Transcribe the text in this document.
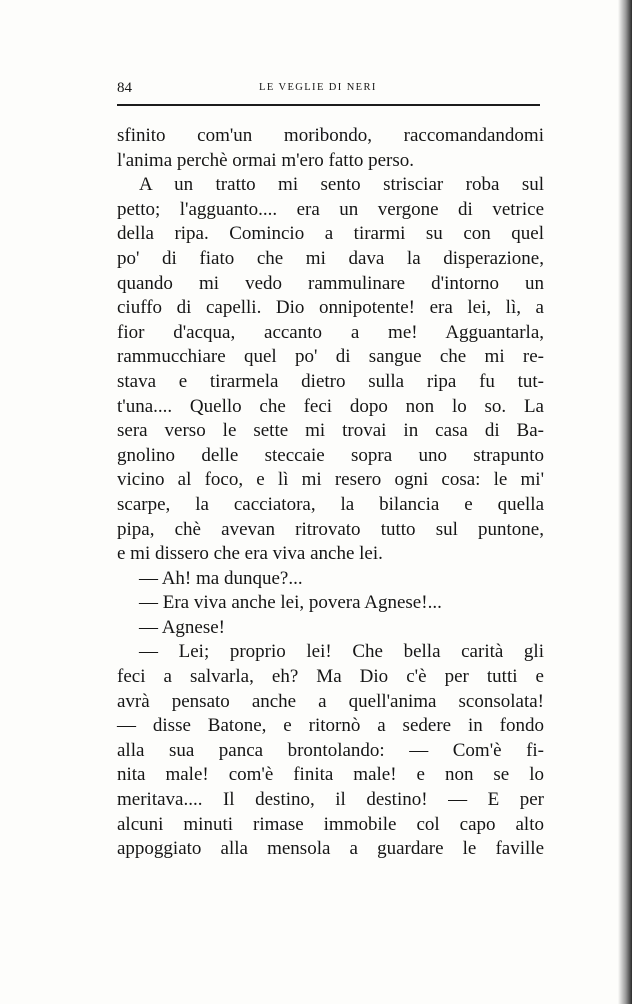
84	LE VEGLIE DI NERI
sfinito com'un moribondo, raccomandandomi
l'anima perchè ormai m'ero fatto perso.
A un tratto mi sento strisciar roba sul
petto; l'agguanto.... era un vergone di vetrice
della ripa. Comincio a tirarmi su con quel
po' di fiato che mi dava la disperazione,
quando mi vedo rammulinare d'intorno un
ciuffo di capelli. Dio onnipotente! era lei, lì, a
fior d'acqua, accanto a me! Agguantarla,
rammucchiare quel po' di sangue che mi re-
stava e tirarmela dietro sulla ripa fu tut-
t'una.... Quello che feci dopo non lo so. La
sera verso le sette mi trovai in casa di Ba-
gnolino delle steccaie sopra uno strapunto
vicino al foco, e lì mi resero ogni cosa: le mi'
scarpe, la cacciatora, la bilancia e quella
pipa, chè avevan ritrovato tutto sul puntone,
e mi dissero che era viva anche lei.
— Ah! ma dunque?...
— Era viva anche lei, povera Agnese!...
— Agnese!
— Lei; proprio lei! Che bella carità gli
feci a salvarla, eh? Ma Dio c'è per tutti e
avrà pensato anche a quell'anima sconsolata!
— disse Batone, e ritornò a sedere in fondo
alla sua panca brontolando: — Com'è fi-
nita male! com'è finita male! e non se lo
meritava.... Il destino, il destino! — E per
alcuni minuti rimase immobile col capo alto
appoggiato alla mensola a guardare le faville
